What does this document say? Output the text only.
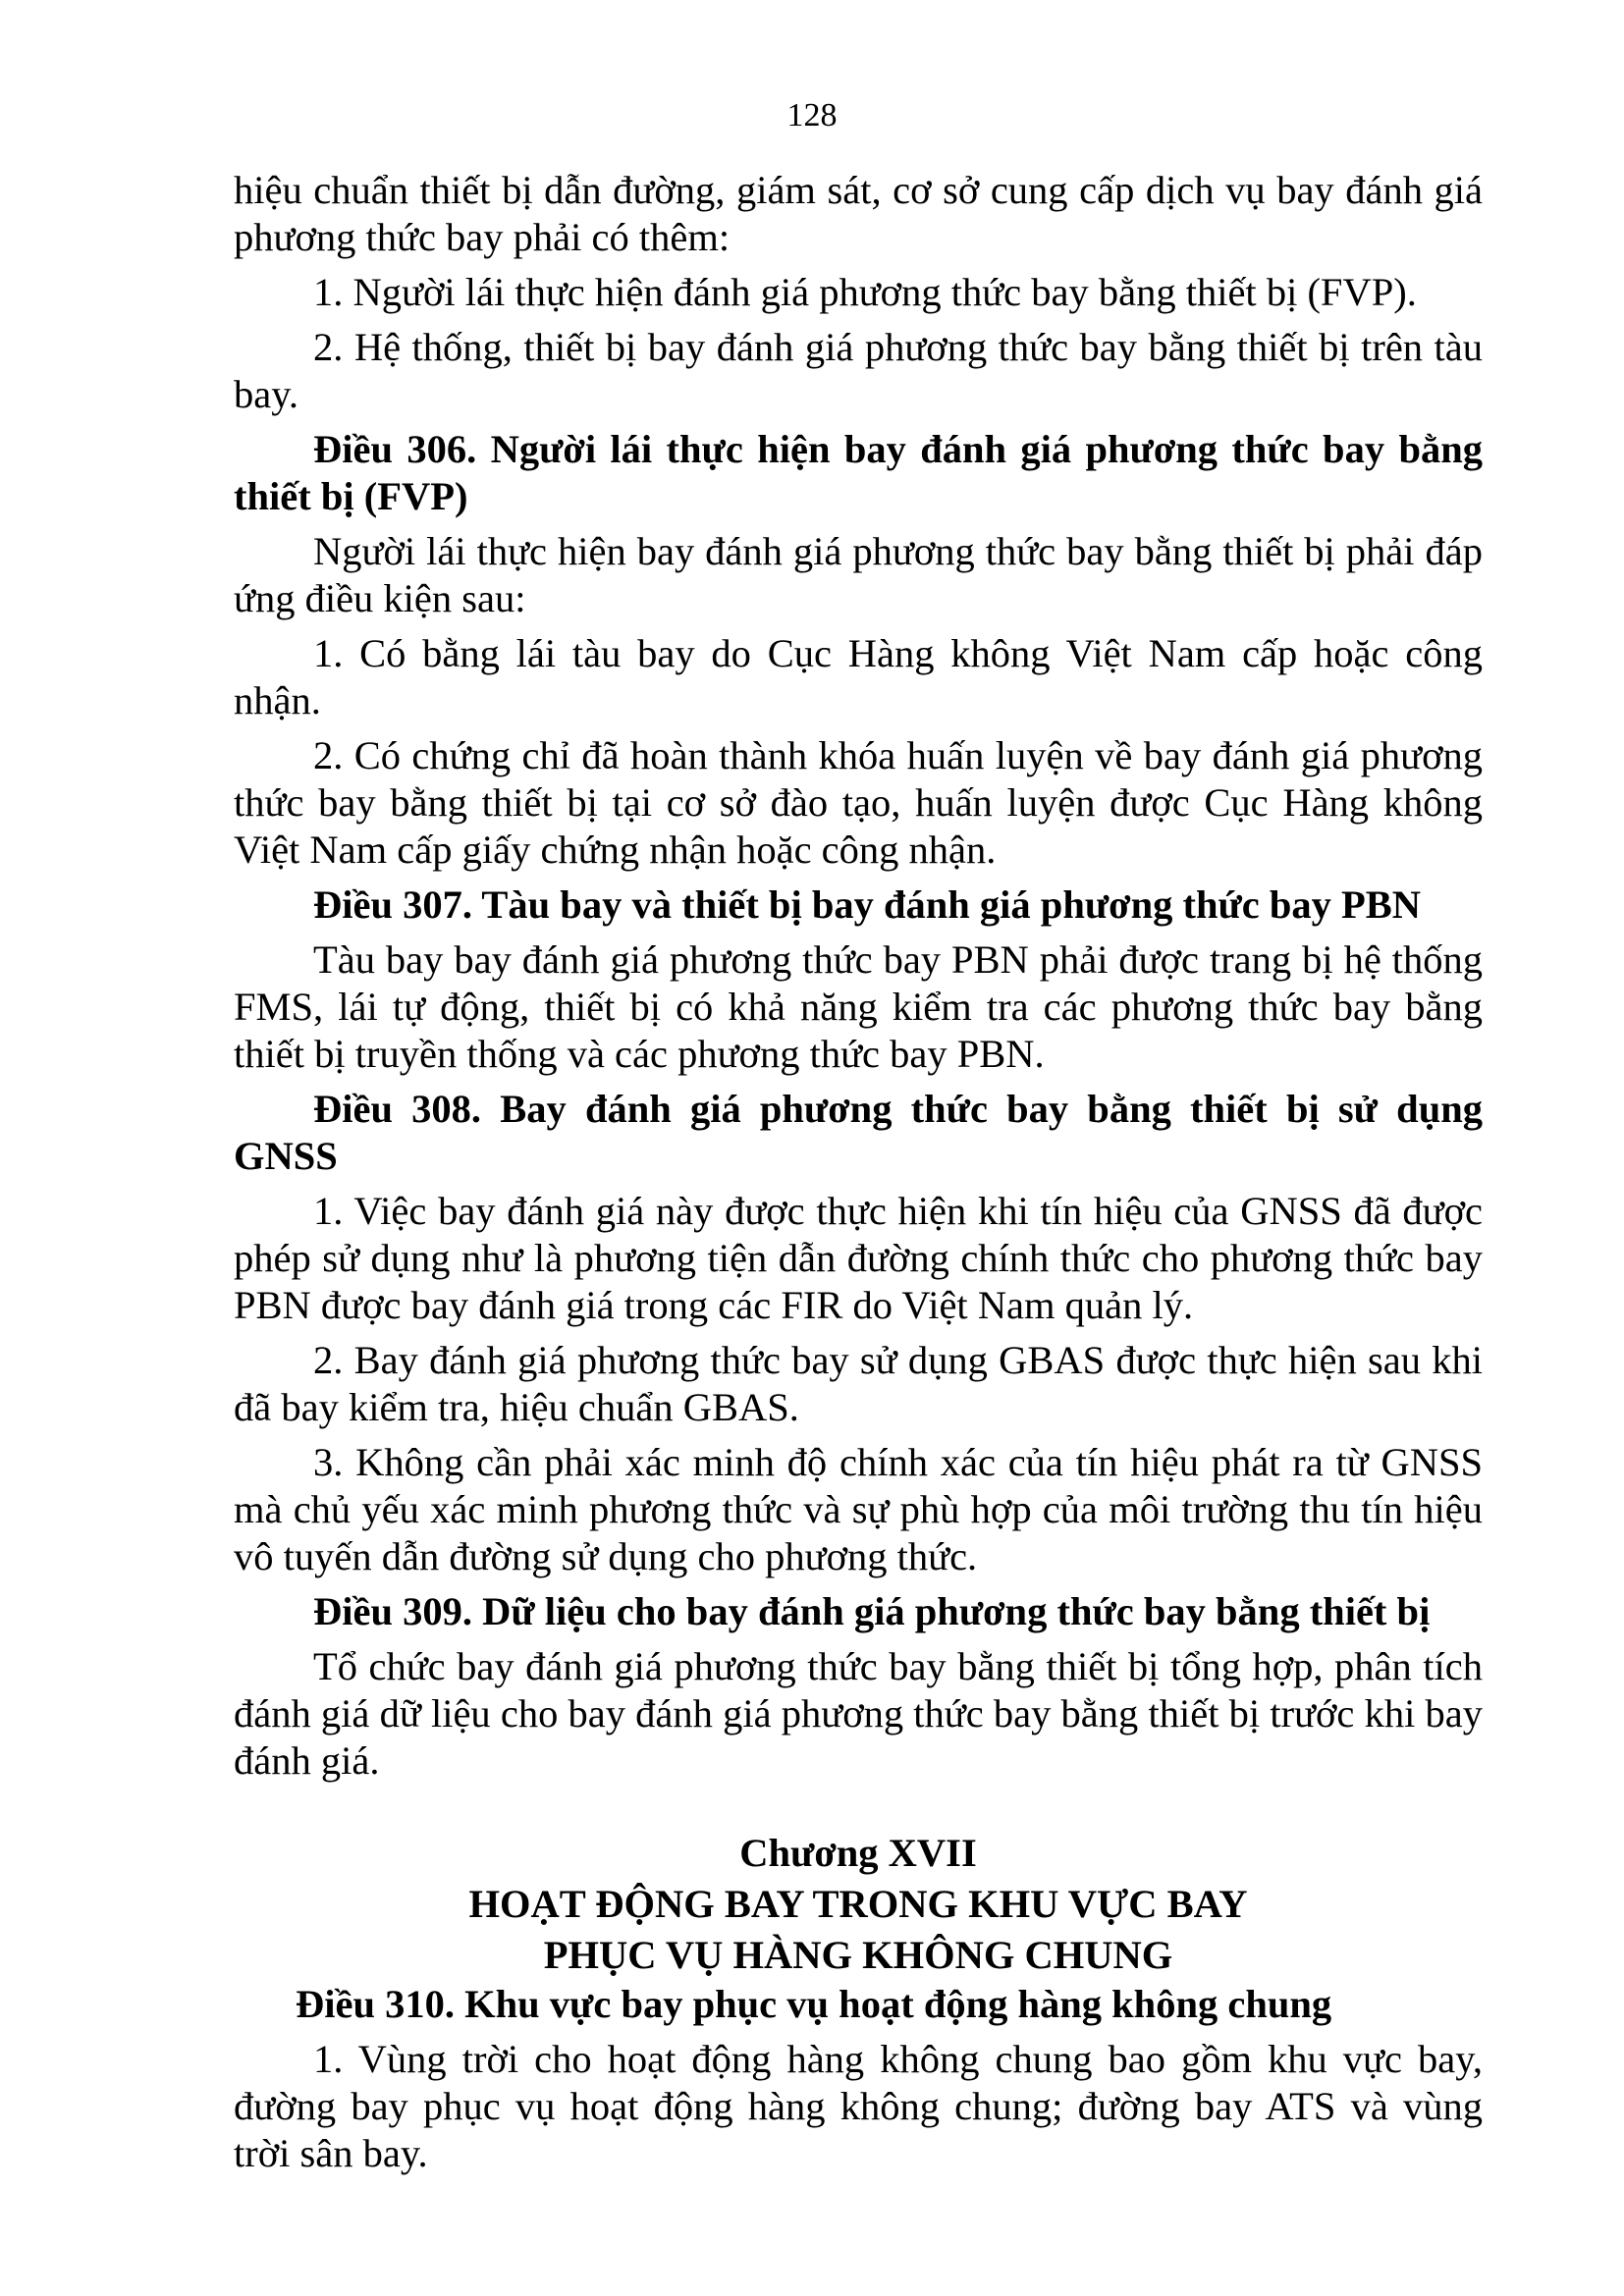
128

hiệu chuẩn thiết bị dẫn đường, giám sát, cơ sở cung cấp dịch vụ bay đánh giá phương thức bay phải có thêm:

1. Người lái thực hiện đánh giá phương thức bay bằng thiết bị (FVP).

2. Hệ thống, thiết bị bay đánh giá phương thức bay bằng thiết bị trên tàu bay.

Điều 306. Người lái thực hiện bay đánh giá phương thức bay bằng thiết bị (FVP)

Người lái thực hiện bay đánh giá phương thức bay bằng thiết bị phải đáp ứng điều kiện sau:

1. Có bằng lái tàu bay do Cục Hàng không Việt Nam cấp hoặc công nhận.

2. Có chứng chỉ đã hoàn thành khóa huấn luyện về bay đánh giá phương thức bay bằng thiết bị tại cơ sở đào tạo, huấn luyện được Cục Hàng không Việt Nam cấp giấy chứng nhận hoặc công nhận.

Điều 307. Tàu bay và thiết bị bay đánh giá phương thức bay PBN

Tàu bay bay đánh giá phương thức bay PBN phải được trang bị hệ thống FMS, lái tự động, thiết bị có khả năng kiểm tra các phương thức bay bằng thiết bị truyền thống và các phương thức bay PBN.

Điều 308. Bay đánh giá phương thức bay bằng thiết bị sử dụng GNSS

1. Việc bay đánh giá này được thực hiện khi tín hiệu của GNSS đã được phép sử dụng như là phương tiện dẫn đường chính thức cho phương thức bay PBN được bay đánh giá trong các FIR do Việt Nam quản lý.

2. Bay đánh giá phương thức bay sử dụng GBAS được thực hiện sau khi đã bay kiểm tra, hiệu chuẩn GBAS.

3. Không cần phải xác minh độ chính xác của tín hiệu phát ra từ GNSS mà chủ yếu xác minh phương thức và sự phù hợp của môi trường thu tín hiệu vô tuyến dẫn đường sử dụng cho phương thức.

Điều 309. Dữ liệu cho bay đánh giá phương thức bay bằng thiết bị

Tổ chức bay đánh giá phương thức bay bằng thiết bị tổng hợp, phân tích đánh giá dữ liệu cho bay đánh giá phương thức bay bằng thiết bị trước khi bay đánh giá.

Chương XVII

HOẠT ĐỘNG BAY TRONG KHU VỰC BAY

PHỤC VỤ HÀNG KHÔNG CHUNG

Điều 310. Khu vực bay phục vụ hoạt động hàng không chung

1. Vùng trời cho hoạt động hàng không chung bao gồm khu vực bay, đường bay phục vụ hoạt động hàng không chung; đường bay ATS và vùng trời sân bay.
